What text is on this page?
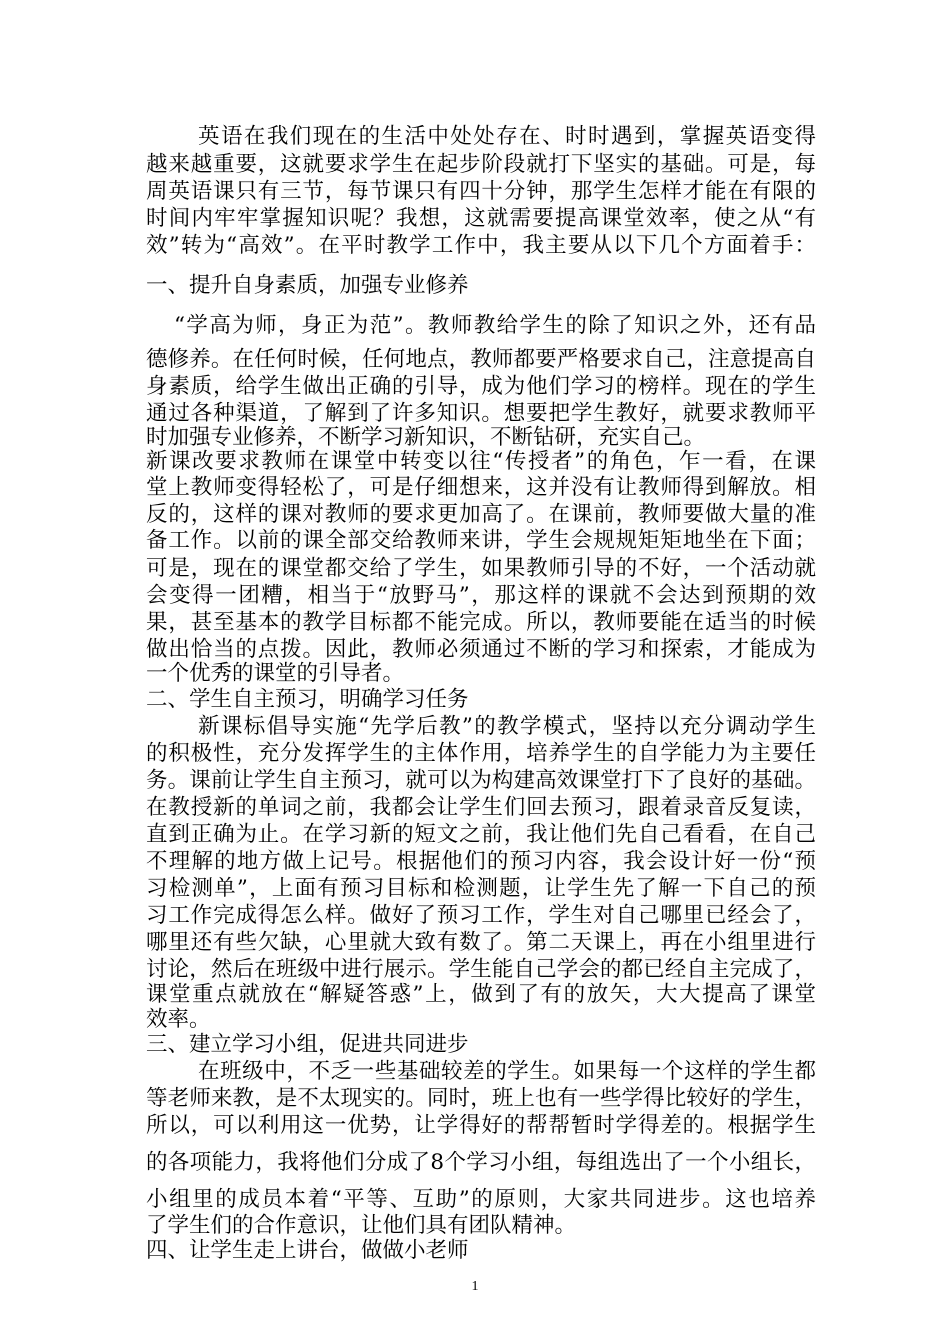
英语在我们现在的生活中处处存在、时时遇到，掌握英语变得
越来越重要，这就要求学生在起步阶段就打下坚实的基础。可是，每
周英语课只有三节，每节课只有四十分钟，那学生怎样才能在有限的
时间内牢牢掌握知识呢？我想，这就需要提高课堂效率，使之从“有
效”转为“高效”。在平时教学工作中，我主要从以下几个方面着手：
一、提升自身素质，加强专业修养
“学高为师，身正为范”。教师教给学生的除了知识之外，还有品
德修养。在任何时候，任何地点，教师都要严格要求自己，注意提高自
身素质，给学生做出正确的引导，成为他们学习的榜样。现在的学生
通过各种渠道，了解到了许多知识。想要把学生教好，就要求教师平
时加强专业修养，不断学习新知识，不断钻研，充实自己。
新课改要求教师在课堂中转变以往“传授者”的角色，乍一看，在课
堂上教师变得轻松了，可是仔细想来，这并没有让教师得到解放。相
反的，这样的课对教师的要求更加高了。在课前，教师要做大量的准
备工作。以前的课全部交给教师来讲，学生会规规矩矩地坐在下面；
可是，现在的课堂都交给了学生，如果教师引导的不好，一个活动就
会变得一团糟，相当于“放野马”，那这样的课就不会达到预期的效
果，甚至基本的教学目标都不能完成。所以，教师要能在适当的时候
做出恰当的点拨。因此，教师必须通过不断的学习和探索，才能成为
一个优秀的课堂的引导者。
二、学生自主预习，明确学习任务
新课标倡导实施“先学后教”的教学模式，坚持以充分调动学生
的积极性，充分发挥学生的主体作用，培养学生的自学能力为主要任
务。课前让学生自主预习，就可以为构建高效课堂打下了良好的基础。
在教授新的单词之前，我都会让学生们回去预习，跟着录音反复读，
直到正确为止。在学习新的短文之前，我让他们先自己看看，在自己
不理解的地方做上记号。根据他们的预习内容，我会设计好一份“预
习检测单”，上面有预习目标和检测题，让学生先了解一下自己的预
习工作完成得怎么样。做好了预习工作，学生对自己哪里已经会了，
哪里还有些欠缺，心里就大致有数了。第二天课上，再在小组里进行
讨论，然后在班级中进行展示。学生能自己学会的都已经自主完成了，
课堂重点就放在“解疑答惑”上，做到了有的放矢，大大提高了课堂
效率。
三、建立学习小组，促进共同进步
在班级中，不乏一些基础较差的学生。如果每一个这样的学生都
等老师来教，是不太现实的。同时，班上也有一些学得比较好的学生，
所以，可以利用这一优势，让学得好的帮帮暂时学得差的。根据学生
的各项能力，我将他们分成了8个学习小组，每组选出了一个小组长，
小组里的成员本着“平等、互助”的原则，大家共同进步。这也培养
了学生们的合作意识，让他们具有团队精神。
四、让学生走上讲台，做做小老师
1
